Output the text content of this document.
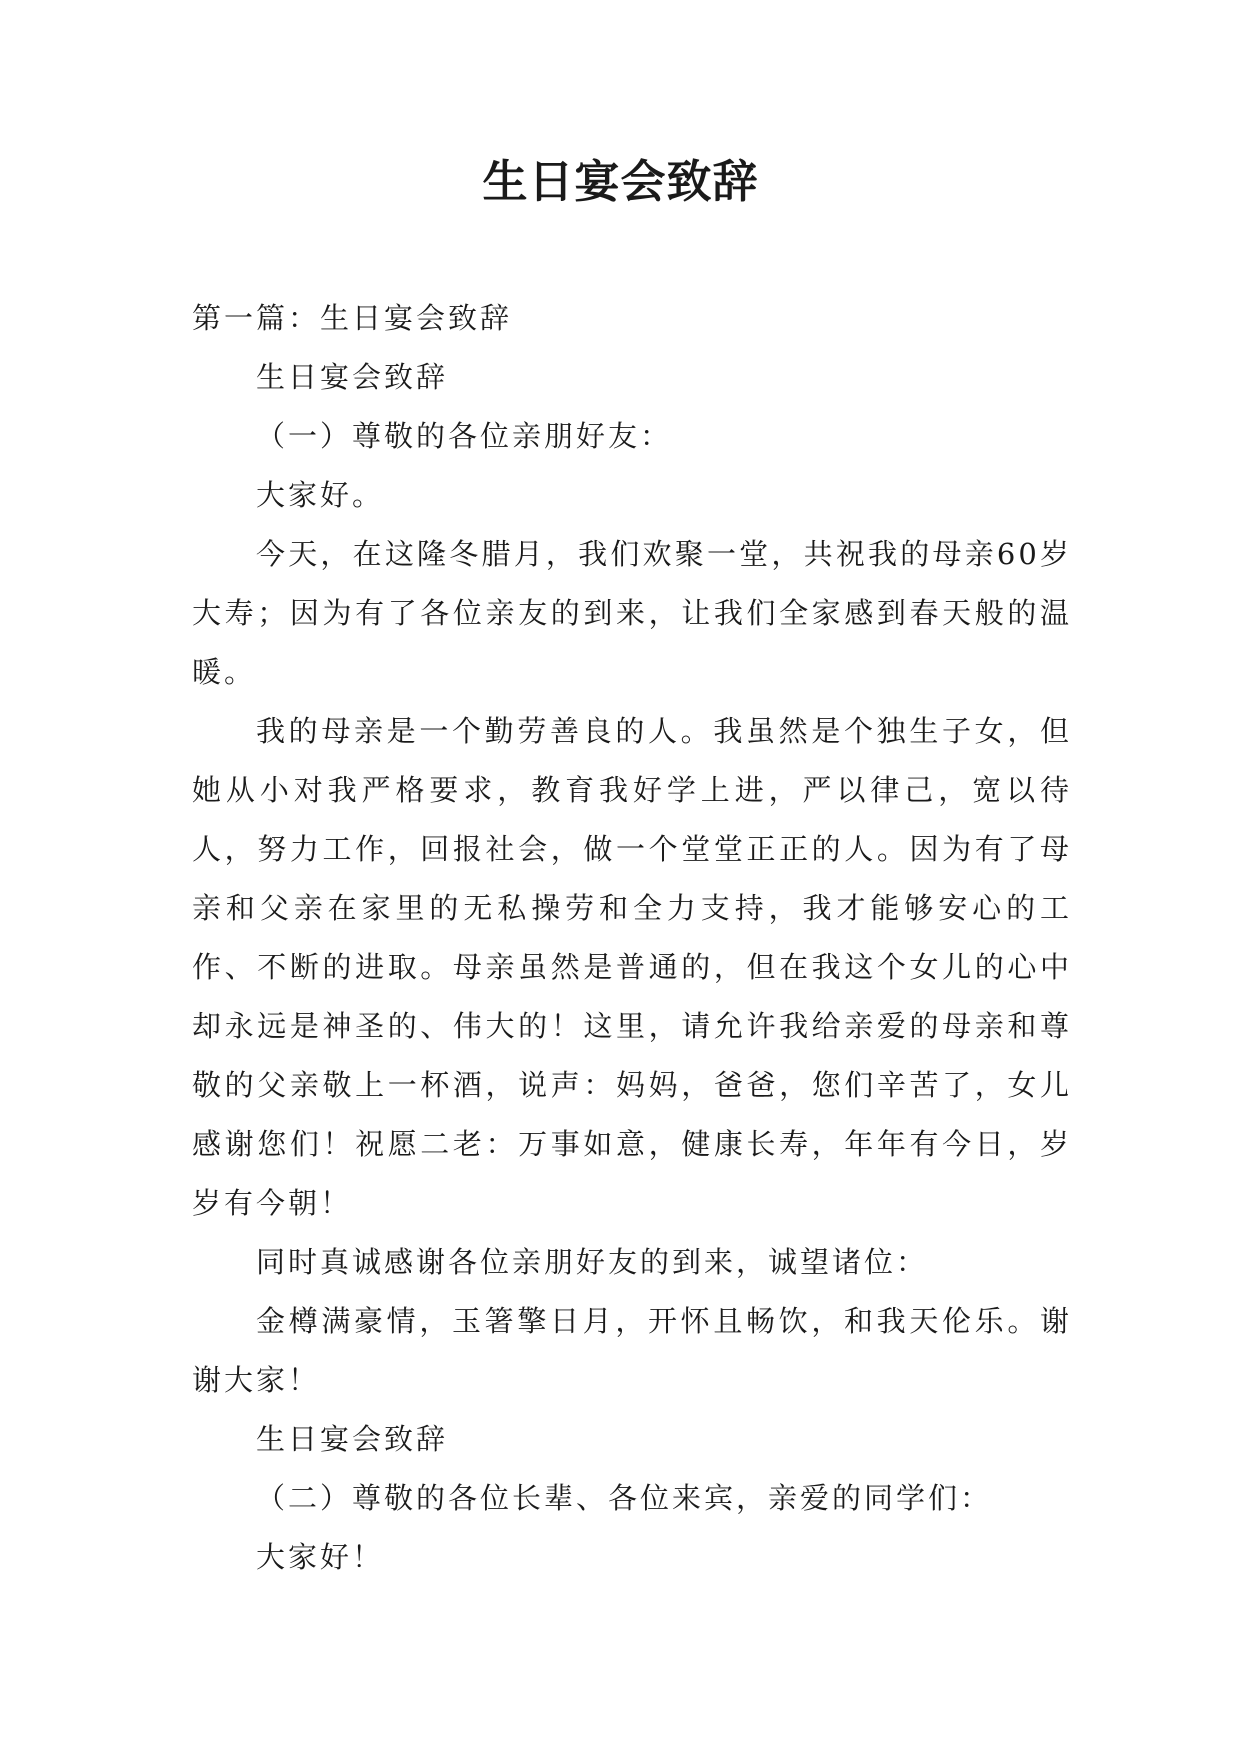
生日宴会致辞

第一篇：生日宴会致辞

生日宴会致辞

（一）尊敬的各位亲朋好友：

大家好。

今天，在这隆冬腊月，我们欢聚一堂，共祝我的母亲60岁大寿；因为有了各位亲友的到来，让我们全家感到春天般的温暖。

我的母亲是一个勤劳善良的人。我虽然是个独生子女，但她从小对我严格要求，教育我好学上进，严以律己，宽以待人，努力工作，回报社会，做一个堂堂正正的人。因为有了母亲和父亲在家里的无私操劳和全力支持，我才能够安心的工作、不断的进取。母亲虽然是普通的，但在我这个女儿的心中却永远是神圣的、伟大的！这里，请允许我给亲爱的母亲和尊敬的父亲敬上一杯酒，说声：妈妈，爸爸，您们辛苦了，女儿感谢您们！祝愿二老：万事如意，健康长寿，年年有今日，岁岁有今朝！

同时真诚感谢各位亲朋好友的到来，诚望诸位：

金樽满豪情，玉箸擎日月，开怀且畅饮，和我天伦乐。谢谢大家！

生日宴会致辞

（二）尊敬的各位长辈、各位来宾，亲爱的同学们：

大家好！
